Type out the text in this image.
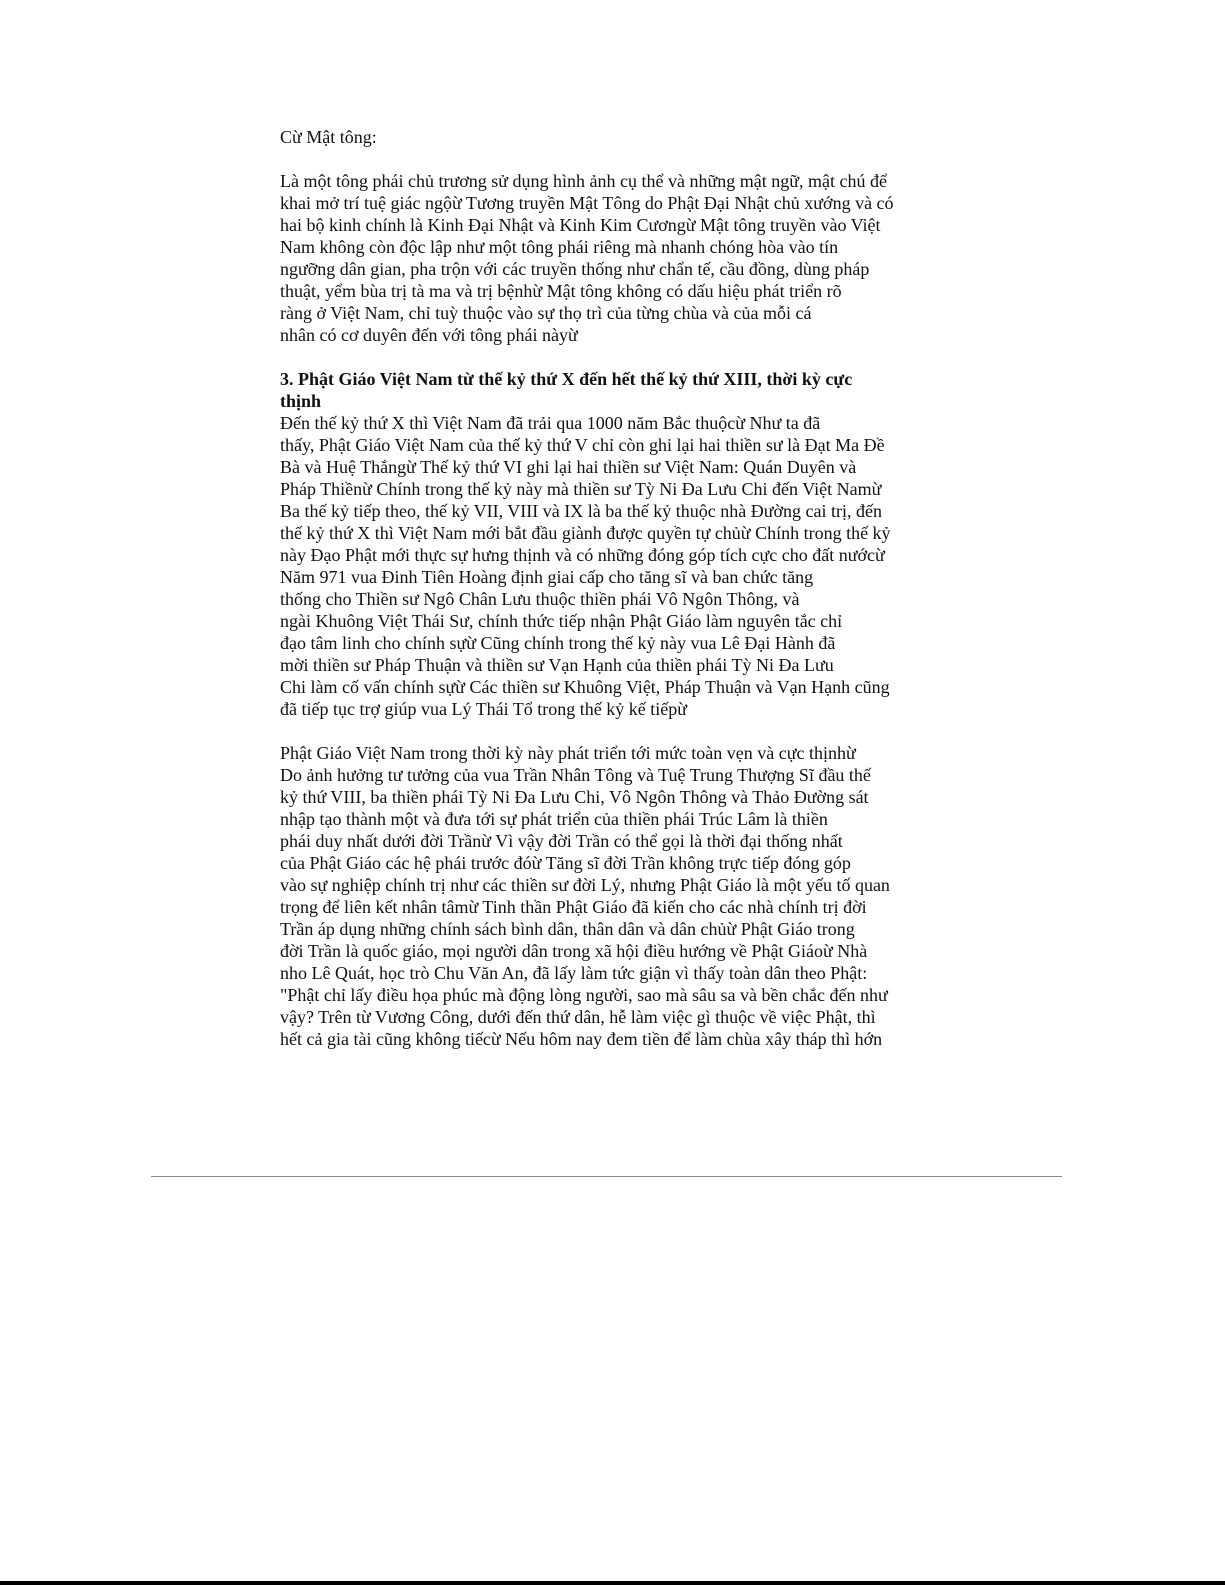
Cừ Mật tông:
Là một tông phái chủ trương sử dụng hình ảnh cụ thể và những mật ngữ, mật chú để
khai mở trí tuệ giác ngộừ Tương truyền Mật Tông do Phật Đại Nhật chủ xướng và có
hai bộ kinh chính là Kinh Đại Nhật và Kinh Kim Cươngừ Mật tông truyền vào Việt
Nam không còn độc lập như một tông phái riêng mà nhanh chóng hòa vào tín
ngưỡng dân gian, pha trộn với các truyền thống như chẩn tế, cầu đồng, dùng pháp
thuật, yểm bùa trị tà ma và trị bệnhừ Mật tông không có dấu hiệu phát triển rõ
ràng ở Việt Nam, chỉ tuỳ thuộc vào sự thọ trì của từng chùa và của mỗi cá
nhân có cơ duyên đến với tông phái nàyừ
3. Phật Giáo Việt Nam từ thế kỷ thứ X đến hết thế kỷ thứ XIII, thời kỳ cực
thịnh
Đến thế kỷ thứ X thì Việt Nam đã trải qua 1000 năm Bắc thuộcừ Như ta đã
thấy, Phật Giáo Việt Nam của thế kỷ thứ V chỉ còn ghi lại hai thiền sư là Đạt Ma Đề
Bà và Huệ Thắngừ Thế kỷ thứ VI ghi lại hai thiền sư Việt Nam: Quán Duyên và
Pháp Thiềnừ Chính trong thế kỷ này mà thiền sư Tỳ Ni Đa Lưu Chi đến Việt Namừ
Ba thế kỷ tiếp theo, thế kỷ VII, VIII và IX là ba thế kỷ thuộc nhà Đường cai trị, đến
thế kỷ thứ X thì Việt Nam mới bắt đầu giành được quyền tự chủừ Chính trong thế kỷ
này Đạo Phật mới thực sự hưng thịnh và có những đóng góp tích cực cho đất nướcừ
Năm 971 vua Đinh Tiên Hoàng định giai cấp cho tăng sĩ và ban chức tăng
thống cho Thiền sư Ngô Chân Lưu thuộc thiền phái Vô Ngôn Thông, và
ngài Khuông Việt Thái Sư, chính thức tiếp nhận Phật Giáo làm nguyên tắc chỉ
đạo tâm linh cho chính sựừ Cũng chính trong thế kỷ này vua Lê Đại Hành đã
mời thiền sư Pháp Thuận và thiền sư Vạn Hạnh của thiền phái Tỳ Ni Đa Lưu
Chi làm cố vấn chính sựừ Các thiền sư Khuông Việt, Pháp Thuận và Vạn Hạnh cũng
đã tiếp tục trợ giúp vua Lý Thái Tổ trong thế kỷ kế tiếpừ
Phật Giáo Việt Nam trong thời kỳ này phát triển tới mức toàn vẹn và cực thịnhừ
Do ảnh hưởng tư tưởng của vua Trần Nhân Tông và Tuệ Trung Thượng Sĩ đầu thế
kỷ thứ VIII, ba thiền phái Tỳ Ni Đa Lưu Chi, Vô Ngôn Thông và Thảo Đường sát
nhập tạo thành một và đưa tới sự phát triển của thiền phái Trúc Lâm là thiền
phái duy nhất dưới đời Trầnừ Vì vậy đời Trần có thể gọi là thời đại thống nhất
của Phật Giáo các hệ phái trước đóừ Tăng sĩ đời Trần không trực tiếp đóng góp
vào sự nghiệp chính trị như các thiền sư đời Lý, nhưng Phật Giáo là một yếu tố quan
trọng để liên kết nhân tâmừ Tinh thần Phật Giáo đã kiến cho các nhà chính trị đời
Trần áp dụng những chính sách bình dân, thân dân và dân chủừ Phật Giáo trong
đời Trần là quốc giáo, mọi người dân trong xã hội điều hướng về Phật Giáoừ Nhà
nho Lê Quát, học trò Chu Văn An, đã lấy làm tức giận vì thấy toàn dân theo Phật:
"Phật chỉ lấy điều họa phúc mà động lòng người, sao mà sâu sa và bền chắc đến như
vậy? Trên từ Vương Công, dưới đến thứ dân, hễ làm việc gì thuộc về việc Phật, thì
hết cả gia tài cũng không tiếcừ Nếu hôm nay đem tiền để làm chùa xây tháp thì hớn
